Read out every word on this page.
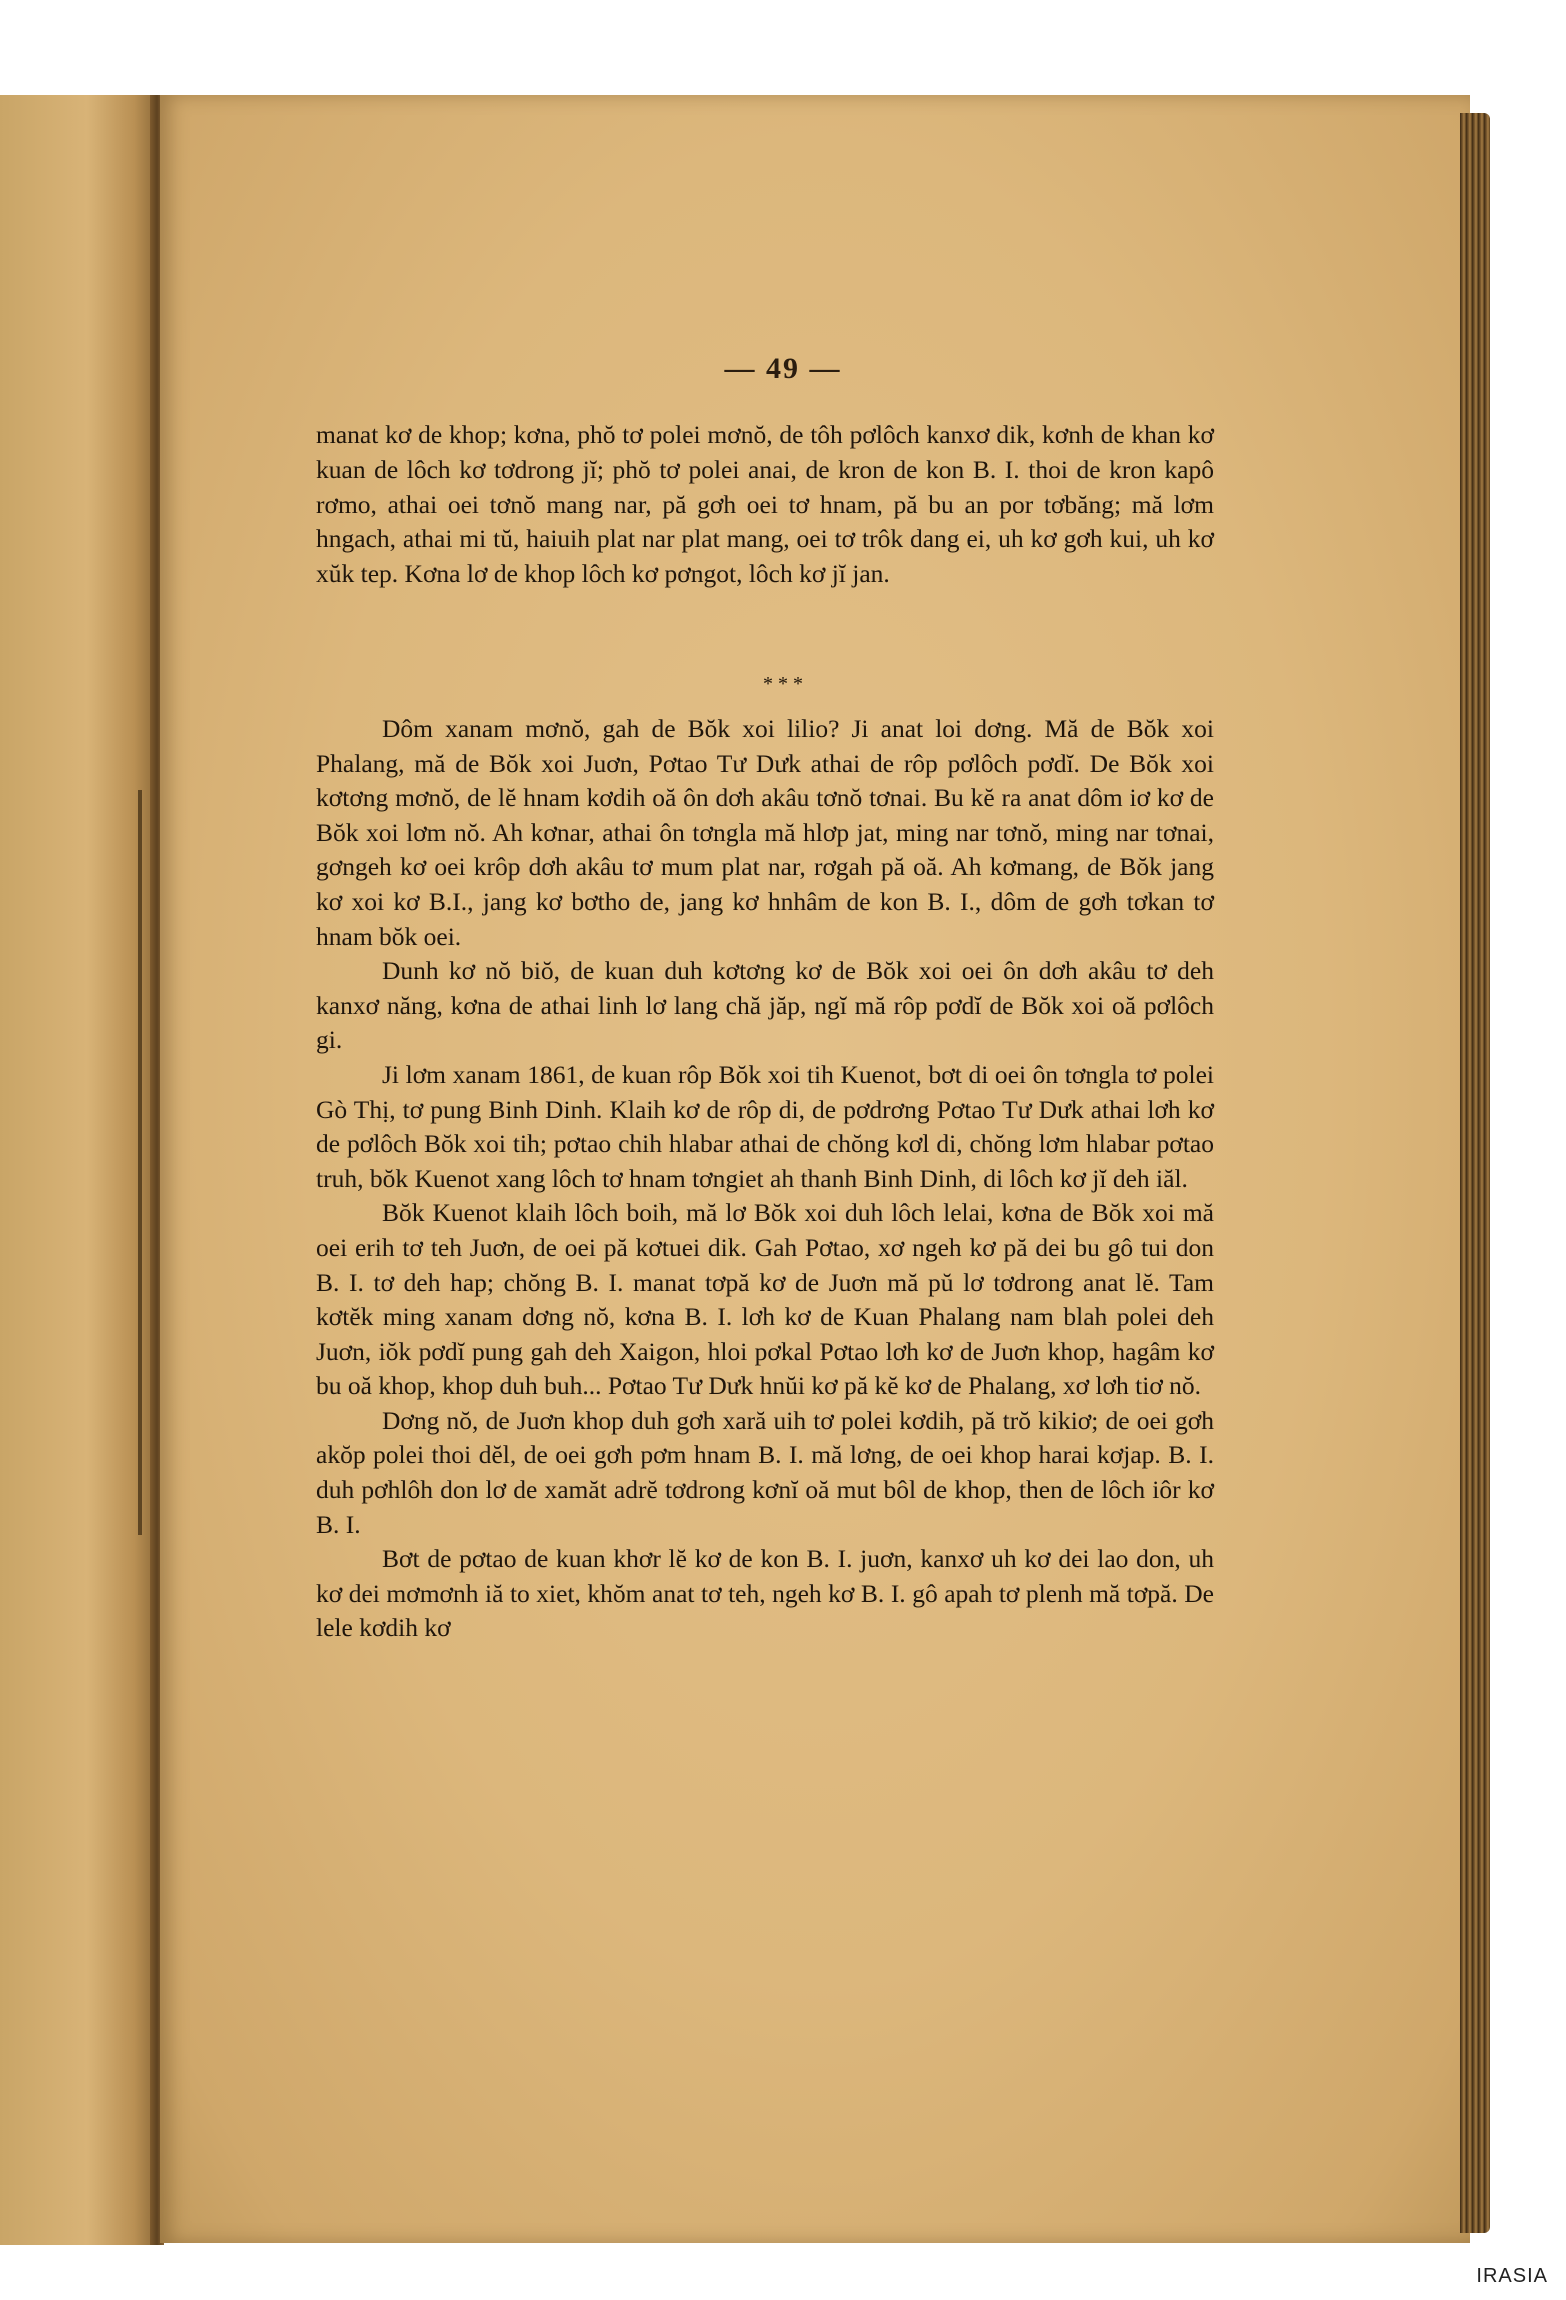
— 49 —

manat kơ de khop; kơna, phŏ tơ polei mơnŏ, de tôh pơlôch kanxơ dik, kơnh de khan kơ kuan de lôch kơ tơdrong jĭ; phŏ tơ polei anai, de kron de kon B. I. thoi de kron kapô rơmo, athai oei tơnŏ mang nar, pă gơh oei tơ hnam, pă bu an por tơbăng; mă lơm hngach, athai mi tŭ, haiuih plat nar plat mang, oei tơ trôk dang ei, uh kơ gơh kui, uh kơ xŭk tep. Kơna lơ de khop lôch kơ pơngot, lôch kơ jĭ jan.

* * *

Dôm xanam mơnŏ, gah de Bŏk xoi lilio? Ji anat loi dơng. Mă de Bŏk xoi Phalang, mă de Bŏk xoi Juơn, Pơtao Tư Dưk athai de rôp pơlôch pơdĭ. De Bŏk xoi kơtơng mơnŏ, de lĕ hnam kơdih oă ôn dơh akâu tơnŏ tơnai. Bu kĕ ra anat dôm iơ kơ de Bŏk xoi lơm nŏ. Ah kơnar, athai ôn tơngla mă hlơp jat, ming nar tơnŏ, ming nar tơnai, gơngeh kơ oei krôp dơh akâu tơ mum plat nar, rơgah pă oă. Ah kơmang, de Bŏk jang kơ xoi kơ B.I., jang kơ bơtho de, jang kơ hnhâm de kon B. I., dôm de gơh tơkan tơ hnam bŏk oei.

Dunh kơ nŏ biŏ, de kuan duh kơtơng kơ de Bŏk xoi oei ôn dơh akâu tơ deh kanxơ năng, kơna de athai linh lơ lang chă jăp, ngĭ mă rôp pơdĭ de Bŏk xoi oă pơlôch gi.

Ji lơm xanam 1861, de kuan rôp Bŏk xoi tih Kuenot, bơt di oei ôn tơngla tơ polei Gò Thị, tơ pung Binh Dinh. Klaih kơ de rôp di, de pơdrơng Pơtao Tư Dưk athai lơh kơ de pơlôch Bŏk xoi tih; pơtao chih hlabar athai de chŏng kơl di, chŏng lơm hlabar pơtao truh, bŏk Kuenot xang lôch tơ hnam tơngiet ah thanh Binh Dinh, di lôch kơ jĭ deh iăl.

Bŏk Kuenot klaih lôch boih, mă lơ Bŏk xoi duh lôch lelai, kơna de Bŏk xoi mă oei erih tơ teh Juơn, de oei pă kơtuei dik. Gah Pơtao, xơ ngeh kơ pă dei bu gô tui don B. I. tơ deh hap; chŏng B. I. manat tơpă kơ de Juơn mă pŭ lơ tơdrong anat lĕ. Tam kơtĕk ming xanam dơng nŏ, kơna B. I. lơh kơ de Kuan Phalang nam blah polei deh Juơn, iŏk pơdĭ pung gah deh Xaigon, hloi pơkal Pơtao lơh kơ de Juơn khop, hagâm kơ bu oă khop, khop duh buh... Pơtao Tư Dưk hnŭi kơ pă kĕ kơ de Phalang, xơ lơh tiơ nŏ.

Dơng nŏ, de Juơn khop duh gơh xară uih tơ polei kơdih, pă trŏ kikiơ; de oei gơh akŏp polei thoi dĕl, de oei gơh pơm hnam B. I. mă lơng, de oei khop harai kơjap. B. I. duh pơhlôh don lơ de xamăt adrĕ tơdrong kơnĭ oă mut bôl de khop, then de lôch iôr kơ B. I.

Bơt de pơtao de kuan khơr lĕ kơ de kon B. I. juơn, kanxơ uh kơ dei lao don, uh kơ dei mơmơnh iă to xiet, khŏm anat tơ teh, ngeh kơ B. I. gô apah tơ plenh mă tơpă. De lele kơdih kơ

IRASIA
